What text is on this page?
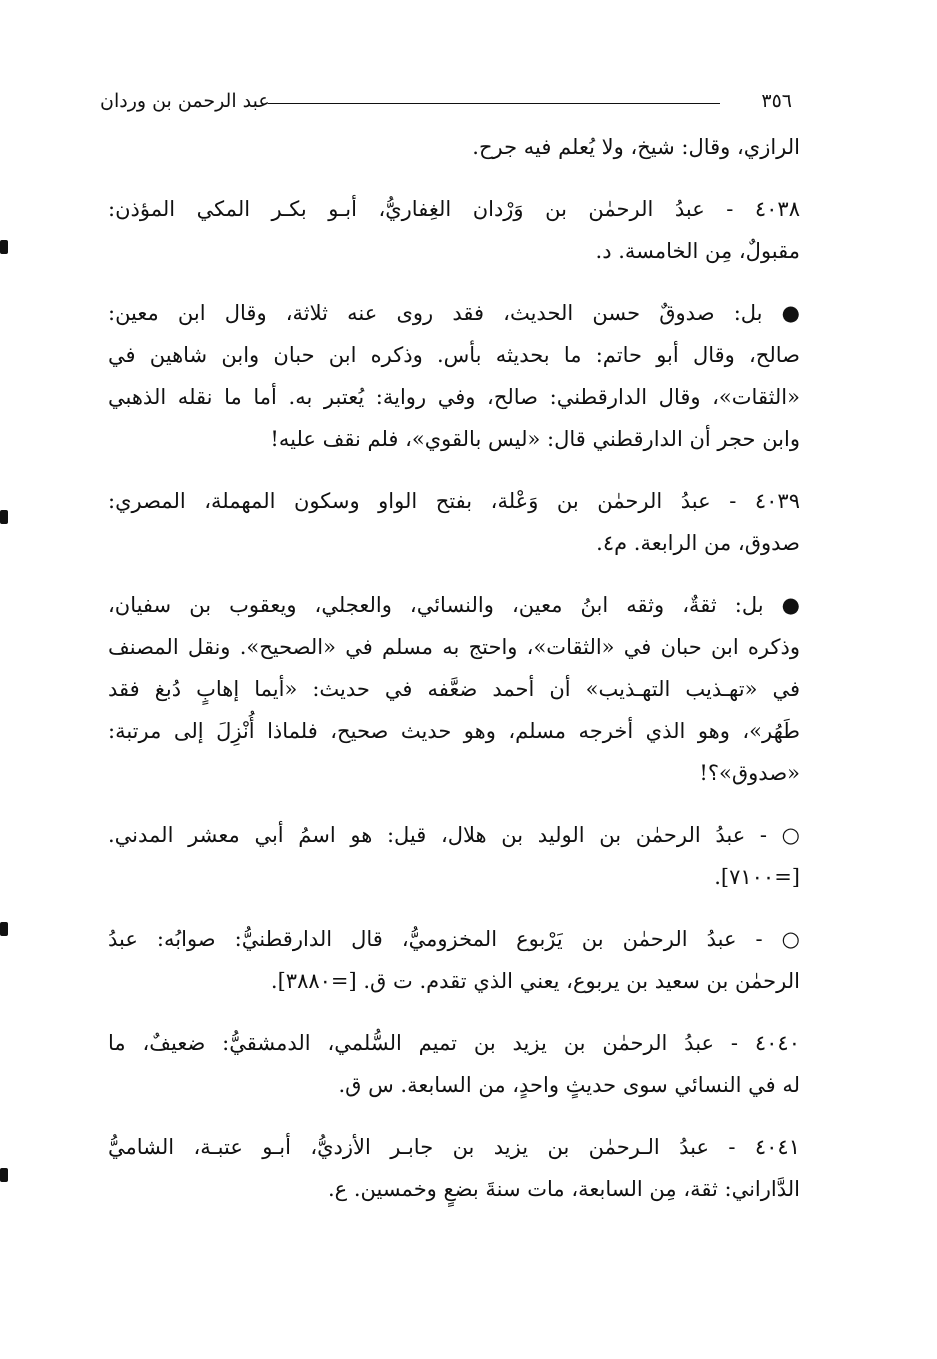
٣٥٦
عبد الرحمن بن وردان
الرازي، وقال: شيخ، ولا يُعلم فيه جرح.
٤٠٣٨ - عبدُ الرحمٰن بن وَرْدان الغِفاريُّ، أبـو بكـر المكي المؤذن:
مقبولٌ، مِن الخامسة. د.
● بل: صدوقٌ حسن الحديث، فقد روى عنه ثلاثة، وقال ابن معين:
صالح، وقال أبو حاتم: ما بحديثه بأس. وذكره ابن حبان وابن شاهين في
«الثقات»، وقال الدارقطني: صالح، وفي رواية: يُعتبر به. أما ما نقله الذهبي
وابن حجر أن الدارقطني قال: «ليس بالقوي»، فلم نقف عليه!
٤٠٣٩ - عبدُ الرحمٰن بن وَعْلة، بفتح الواو وسكون المهملة، المصري:
صدوق، من الرابعة. م٤.
● بل: ثقةٌ، وثقه ابنُ معين، والنسائي، والعجلي، ويعقوب بن سفيان،
وذكره ابن حبان في «الثقات»، واحتج به مسلم في «الصحيح». ونقل المصنف
في «تهـذيب التهـذيب» أن أحمد ضعَّفه في حديث: «أيما إهابٍ دُبغ فقد
طَهُر»، وهو الذي أخرجه مسلم، وهو حديث صحيح، فلماذا أُنْزِلَ إلى مرتبة:
«صدوق»؟!
○ - عبدُ الرحمٰن بن الوليد بن هلال، قيل: هو اسمُ أبي معشر المدني.
[=٧١٠٠].
○ - عبدُ الرحمٰن بن يَرْبوع المخزوميُّ، قال الدارقطنيُّ: صوابُه: عبدُ
الرحمٰن بن سعيد بن يربوع، يعني الذي تقدم. ت ق. [=٣٨٨٠].
٤٠٤٠ - عبدُ الرحمٰن بن يزيد بن تميم السُّلمي، الدمشقيُّ: ضعيفٌ، ما
له في النسائي سوى حديثٍ واحدٍ، من السابعة. س ق.
٤٠٤١ - عبدُ الـرحمٰن بن يزيد بن جابـر الأزديُّ، أبـو عتبـة، الشاميُّ
الدَّاراني: ثقة، مِن السابعة، مات سنةَ بضعٍ وخمسين. ع.
